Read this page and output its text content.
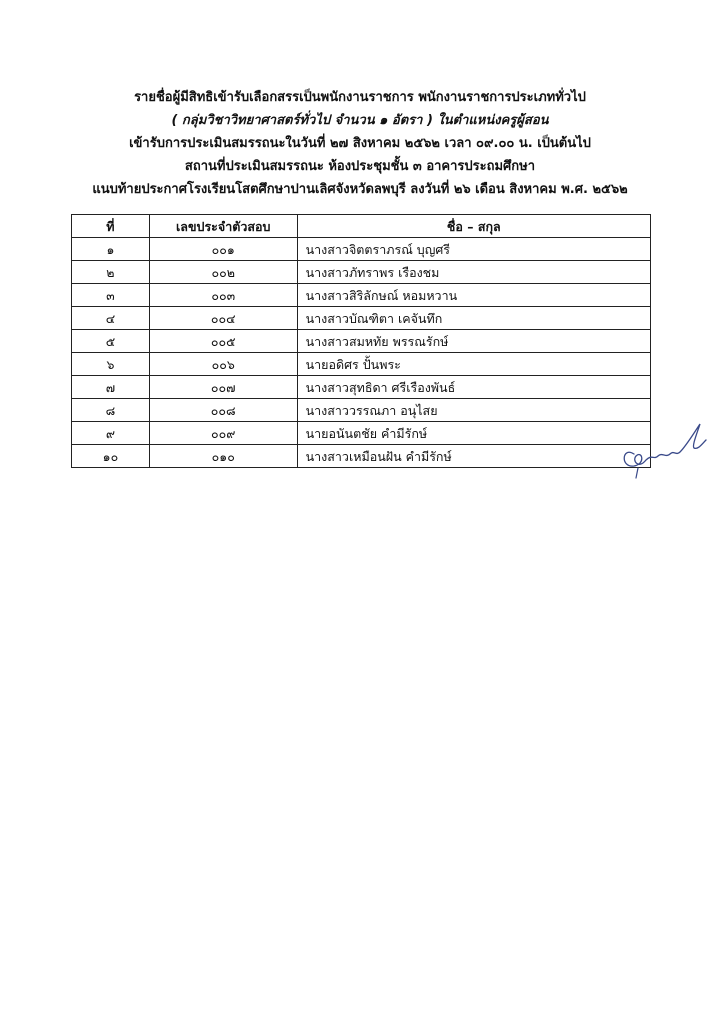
รายชื่อผู้มีสิทธิเข้ารับเลือกสรรเป็นพนักงานราชการ พนักงานราชการประเภททั่วไป
( กลุ่มวิชาวิทยาศาสตร์ทั่วไป จำนวน ๑ อัตรา ) ในตำแหน่งครูผู้สอน
เข้ารับการประเมินสมรรถนะในวันที่ ๒๗ สิงหาคม ๒๕๖๒ เวลา ๐๙.๐๐ น. เป็นต้นไป
สถานที่ประเมินสมรรถนะ ห้องประชุมชั้น ๓ อาคารประถมศึกษา
แนบท้ายประกาศโรงเรียนโสตศึกษาปานเลิศจังหวัดลพบุรี ลงวันที่ ๒๖ เดือน สิงหาคม พ.ศ. ๒๕๖๒
ที่	เลขประจำตัวสอบ	ชื่อ – สกุล
๑	๐๐๑	นางสาวจิตตราภรณ์ บุญศรี
๒	๐๐๒	นางสาวภัทราพร เรืองชม
๓	๐๐๓	นางสาวสิริลักษณ์ หอมหวาน
๔	๐๐๔	นางสาวบัณฑิตา เคจันทึก
๕	๐๐๕	นางสาวสมหทัย พรรณรักษ์
๖	๐๐๖	นายอดิศร ปั้นพระ
๗	๐๐๗	นางสาวสุทธิดา ศรีเรืองพันธ์
๘	๐๐๘	นางสาววรรณภา อนุไสย
๙	๐๐๙	นายอนันตชัย คำมีรักษ์
๑๐	๐๑๐	นางสาวเหมือนฝัน คำมีรักษ์
